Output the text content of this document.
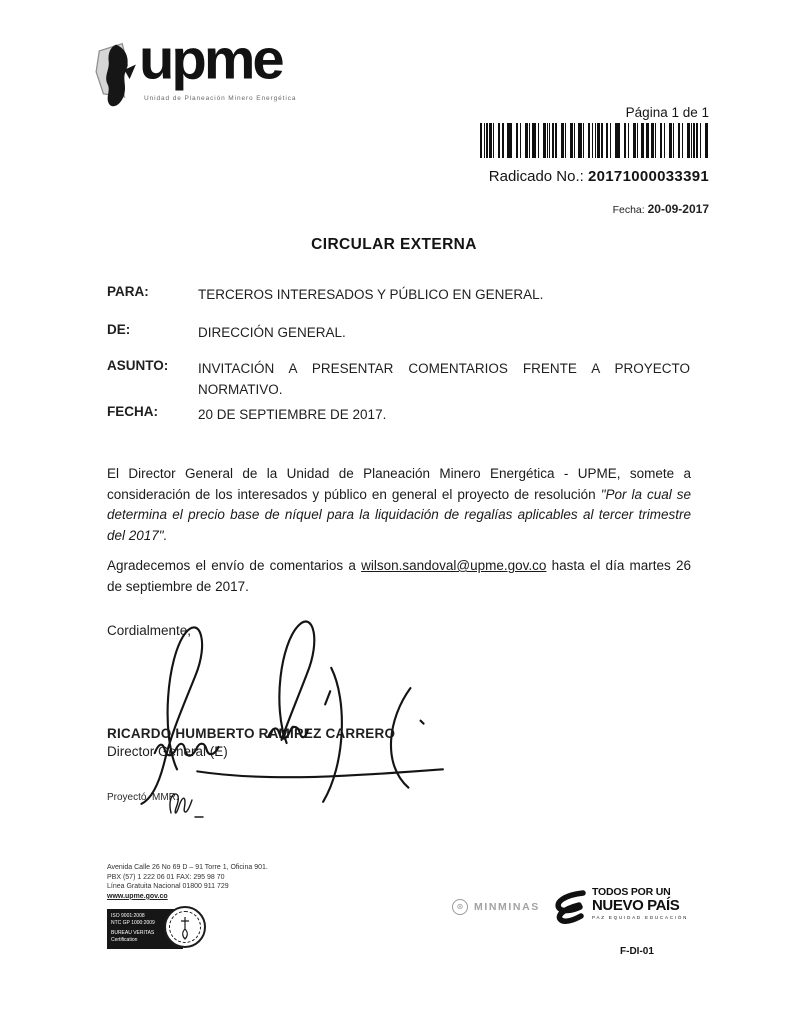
upme
Unidad de Planeación Minero Energética
Página 1 de 1
Radicado No.: 20171000033391
Fecha: 20-09-2017
CIRCULAR EXTERNA
PARA:	TERCEROS INTERESADOS Y PÚBLICO EN GENERAL.
DE:	DIRECCIÓN GENERAL.
ASUNTO:	INVITACIÓN A PRESENTAR COMENTARIOS FRENTE A PROYECTO NORMATIVO.
FECHA:	20 DE SEPTIEMBRE DE 2017.
El Director General de la Unidad de Planeación Minero Energética - UPME, somete a consideración de los interesados y público en general el proyecto de resolución "Por la cual se determina el precio base de níquel para la liquidación de regalías aplicables al tercer trimestre del 2017".
Agradecemos el envío de comentarios a wilson.sandoval@upme.gov.co hasta el día martes 26 de septiembre de 2017.
Cordialmente,
RICARDO HUMBERTO RAMÍREZ CARRERO
Director General (E)
Proyectó. MMR.
Avenida Calle 26 No 69 D – 91 Torre 1, Oficina 901.
PBX (57) 1 222 06 01 FAX: 295 98 70
Línea Gratuita Nacional 01800 911 729
www.upme.gov.co
ISO 9001:2008
NTC GP 1000:2009
BUREAU VERITAS
Certification
⊛	MINMINAS
TODOS POR UN
NUEVO PAÍS
PAZ EQUIDAD EDUCACIÓN
F-DI-01
